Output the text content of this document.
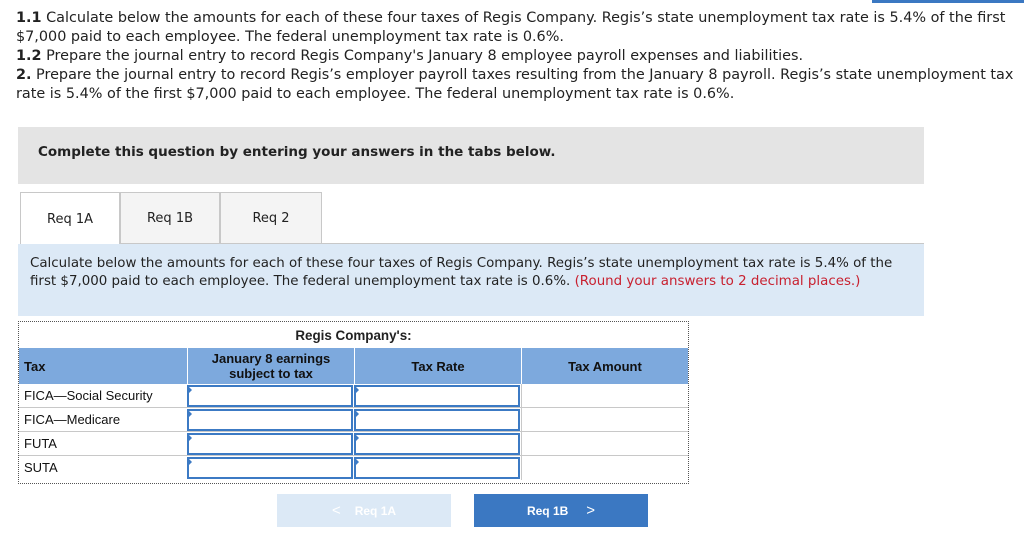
1.1 Calculate below the amounts for each of these four taxes of Regis Company. Regis’s state unemployment tax rate is 5.4% of the first $7,000 paid to each employee. The federal unemployment tax rate is 0.6%.

1.2 Prepare the journal entry to record Regis Company's January 8 employee payroll expenses and liabilities.

2. Prepare the journal entry to record Regis’s employer payroll taxes resulting from the January 8 payroll. Regis’s state unemployment tax rate is 5.4% of the first $7,000 paid to each employee. The federal unemployment tax rate is 0.6%.

Complete this question by entering your answers in the tabs below.
Req 1A	Req 1B	Req 2

Calculate below the amounts for each of these four taxes of Regis Company. Regis’s state unemployment tax rate is 5.4% of the first $7,000 paid to each employee. The federal unemployment tax rate is 0.6%. (Round your answers to 2 decimal places.)

Regis Company's:
Tax	January 8 earnings subject to tax	Tax Rate	Tax Amount
FICA—Social Security
FICA—Medicare
FUTA
SUTA
< Req 1A	Req 1B >
